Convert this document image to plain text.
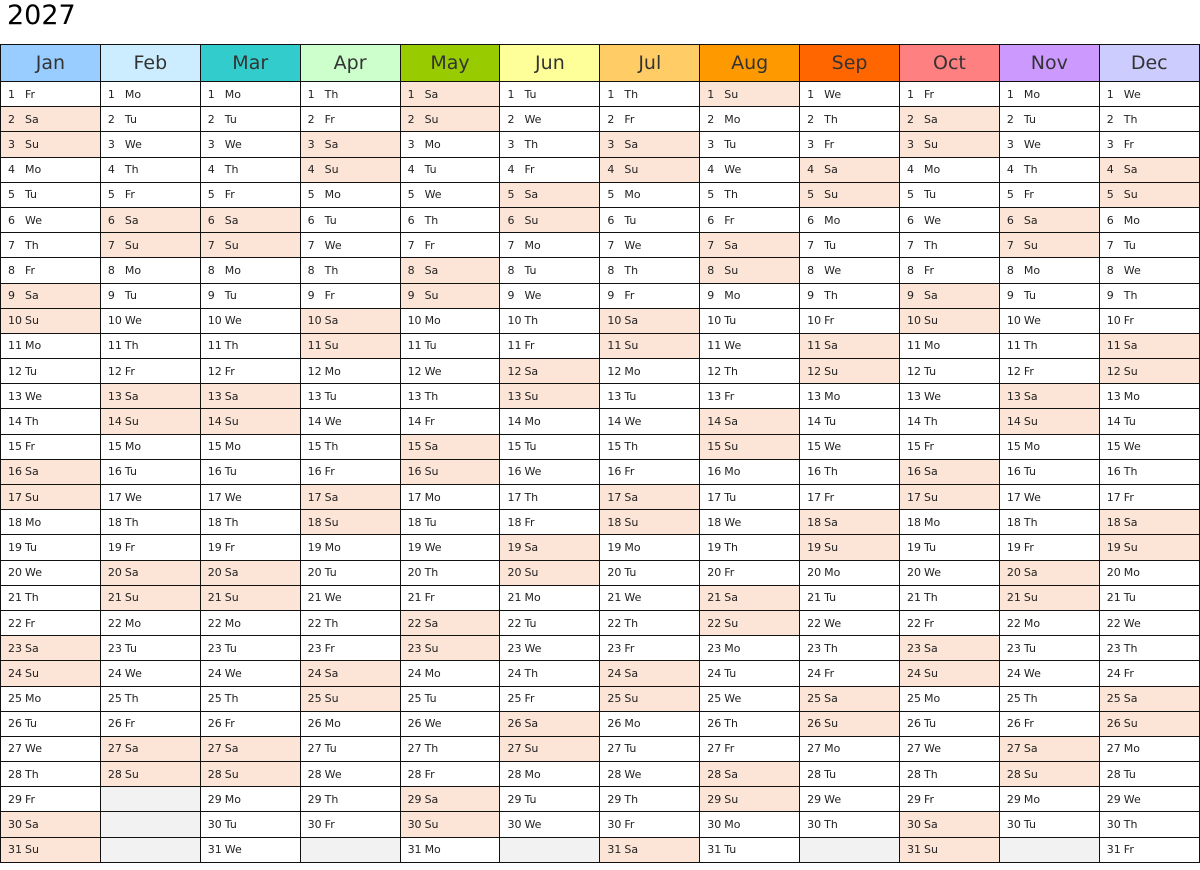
2027
Jan	Feb	Mar	Apr	May	Jun	Jul	Aug	Sep	Oct	Nov	Dec
1 Fr	1 Mo	1 Mo	1 Th	1 Sa	1 Tu	1 Th	1 Su	1 We	1 Fr	1 Mo	1 We
2 Sa	2 Tu	2 Tu	2 Fr	2 Su	2 We	2 Fr	2 Mo	2 Th	2 Sa	2 Tu	2 Th
3 Su	3 We	3 We	3 Sa	3 Mo	3 Th	3 Sa	3 Tu	3 Fr	3 Su	3 We	3 Fr
4 Mo	4 Th	4 Th	4 Su	4 Tu	4 Fr	4 Su	4 We	4 Sa	4 Mo	4 Th	4 Sa
5 Tu	5 Fr	5 Fr	5 Mo	5 We	5 Sa	5 Mo	5 Th	5 Su	5 Tu	5 Fr	5 Su
6 We	6 Sa	6 Sa	6 Tu	6 Th	6 Su	6 Tu	6 Fr	6 Mo	6 We	6 Sa	6 Mo
7 Th	7 Su	7 Su	7 We	7 Fr	7 Mo	7 We	7 Sa	7 Tu	7 Th	7 Su	7 Tu
8 Fr	8 Mo	8 Mo	8 Th	8 Sa	8 Tu	8 Th	8 Su	8 We	8 Fr	8 Mo	8 We
9 Sa	9 Tu	9 Tu	9 Fr	9 Su	9 We	9 Fr	9 Mo	9 Th	9 Sa	9 Tu	9 Th
10 Su	10 We	10 We	10 Sa	10 Mo	10 Th	10 Sa	10 Tu	10 Fr	10 Su	10 We	10 Fr
11 Mo	11 Th	11 Th	11 Su	11 Tu	11 Fr	11 Su	11 We	11 Sa	11 Mo	11 Th	11 Sa
12 Tu	12 Fr	12 Fr	12 Mo	12 We	12 Sa	12 Mo	12 Th	12 Su	12 Tu	12 Fr	12 Su
13 We	13 Sa	13 Sa	13 Tu	13 Th	13 Su	13 Tu	13 Fr	13 Mo	13 We	13 Sa	13 Mo
14 Th	14 Su	14 Su	14 We	14 Fr	14 Mo	14 We	14 Sa	14 Tu	14 Th	14 Su	14 Tu
15 Fr	15 Mo	15 Mo	15 Th	15 Sa	15 Tu	15 Th	15 Su	15 We	15 Fr	15 Mo	15 We
16 Sa	16 Tu	16 Tu	16 Fr	16 Su	16 We	16 Fr	16 Mo	16 Th	16 Sa	16 Tu	16 Th
17 Su	17 We	17 We	17 Sa	17 Mo	17 Th	17 Sa	17 Tu	17 Fr	17 Su	17 We	17 Fr
18 Mo	18 Th	18 Th	18 Su	18 Tu	18 Fr	18 Su	18 We	18 Sa	18 Mo	18 Th	18 Sa
19 Tu	19 Fr	19 Fr	19 Mo	19 We	19 Sa	19 Mo	19 Th	19 Su	19 Tu	19 Fr	19 Su
20 We	20 Sa	20 Sa	20 Tu	20 Th	20 Su	20 Tu	20 Fr	20 Mo	20 We	20 Sa	20 Mo
21 Th	21 Su	21 Su	21 We	21 Fr	21 Mo	21 We	21 Sa	21 Tu	21 Th	21 Su	21 Tu
22 Fr	22 Mo	22 Mo	22 Th	22 Sa	22 Tu	22 Th	22 Su	22 We	22 Fr	22 Mo	22 We
23 Sa	23 Tu	23 Tu	23 Fr	23 Su	23 We	23 Fr	23 Mo	23 Th	23 Sa	23 Tu	23 Th
24 Su	24 We	24 We	24 Sa	24 Mo	24 Th	24 Sa	24 Tu	24 Fr	24 Su	24 We	24 Fr
25 Mo	25 Th	25 Th	25 Su	25 Tu	25 Fr	25 Su	25 We	25 Sa	25 Mo	25 Th	25 Sa
26 Tu	26 Fr	26 Fr	26 Mo	26 We	26 Sa	26 Mo	26 Th	26 Su	26 Tu	26 Fr	26 Su
27 We	27 Sa	27 Sa	27 Tu	27 Th	27 Su	27 Tu	27 Fr	27 Mo	27 We	27 Sa	27 Mo
28 Th	28 Su	28 Su	28 We	28 Fr	28 Mo	28 We	28 Sa	28 Tu	28 Th	28 Su	28 Tu
29 Fr		29 Mo	29 Th	29 Sa	29 Tu	29 Th	29 Su	29 We	29 Fr	29 Mo	29 We
30 Sa		30 Tu	30 Fr	30 Su	30 We	30 Fr	30 Mo	30 Th	30 Sa	30 Tu	30 Th
31 Su		31 We		31 Mo		31 Sa	31 Tu		31 Su		31 Fr
